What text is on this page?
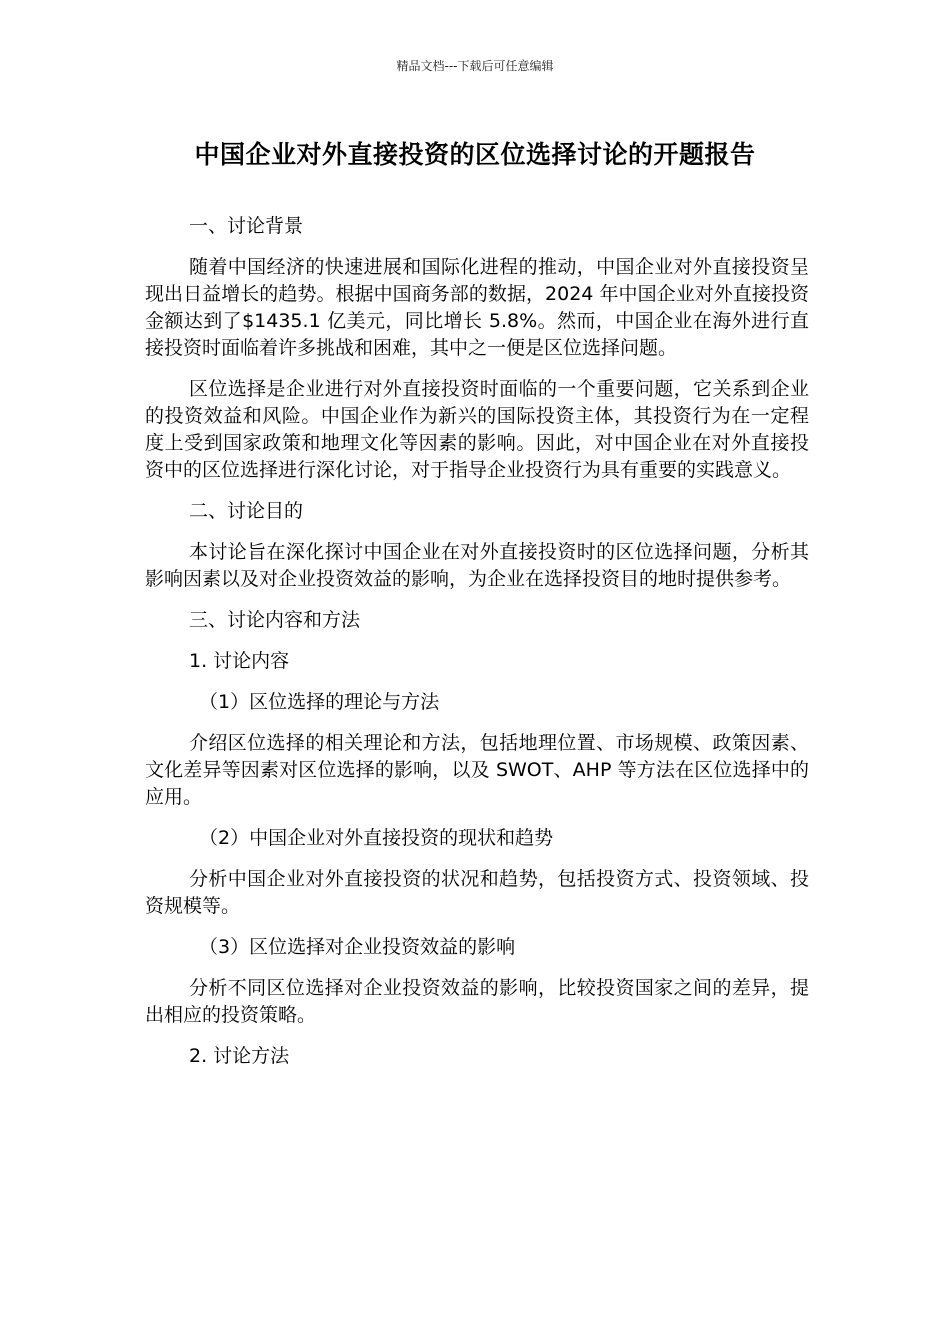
精品文档---下载后可任意编辑
中国企业对外直接投资的区位选择讨论的开题报告

一、讨论背景

随着中国经济的快速进展和国际化进程的推动，中国企业对外直接投资呈现出日益增长的趋势。根据中国商务部的数据，2024 年中国企业对外直接投资金额达到了$1435.1 亿美元，同比增长 5.8%。然而，中国企业在海外进行直接投资时面临着许多挑战和困难，其中之一便是区位选择问题。

区位选择是企业进行对外直接投资时面临的一个重要问题，它关系到企业的投资效益和风险。中国企业作为新兴的国际投资主体，其投资行为在一定程度上受到国家政策和地理文化等因素的影响。因此，对中国企业在对外直接投资中的区位选择进行深化讨论，对于指导企业投资行为具有重要的实践意义。

二、讨论目的

本讨论旨在深化探讨中国企业在对外直接投资时的区位选择问题，分析其影响因素以及对企业投资效益的影响，为企业在选择投资目的地时提供参考。

三、讨论内容和方法

1. 讨论内容

（1）区位选择的理论与方法

介绍区位选择的相关理论和方法，包括地理位置、市场规模、政策因素、文化差异等因素对区位选择的影响，以及 SWOT、AHP 等方法在区位选择中的应用。

（2）中国企业对外直接投资的现状和趋势

分析中国企业对外直接投资的状况和趋势，包括投资方式、投资领域、投资规模等。

（3）区位选择对企业投资效益的影响

分析不同区位选择对企业投资效益的影响，比较投资国家之间的差异，提出相应的投资策略。

2. 讨论方法
